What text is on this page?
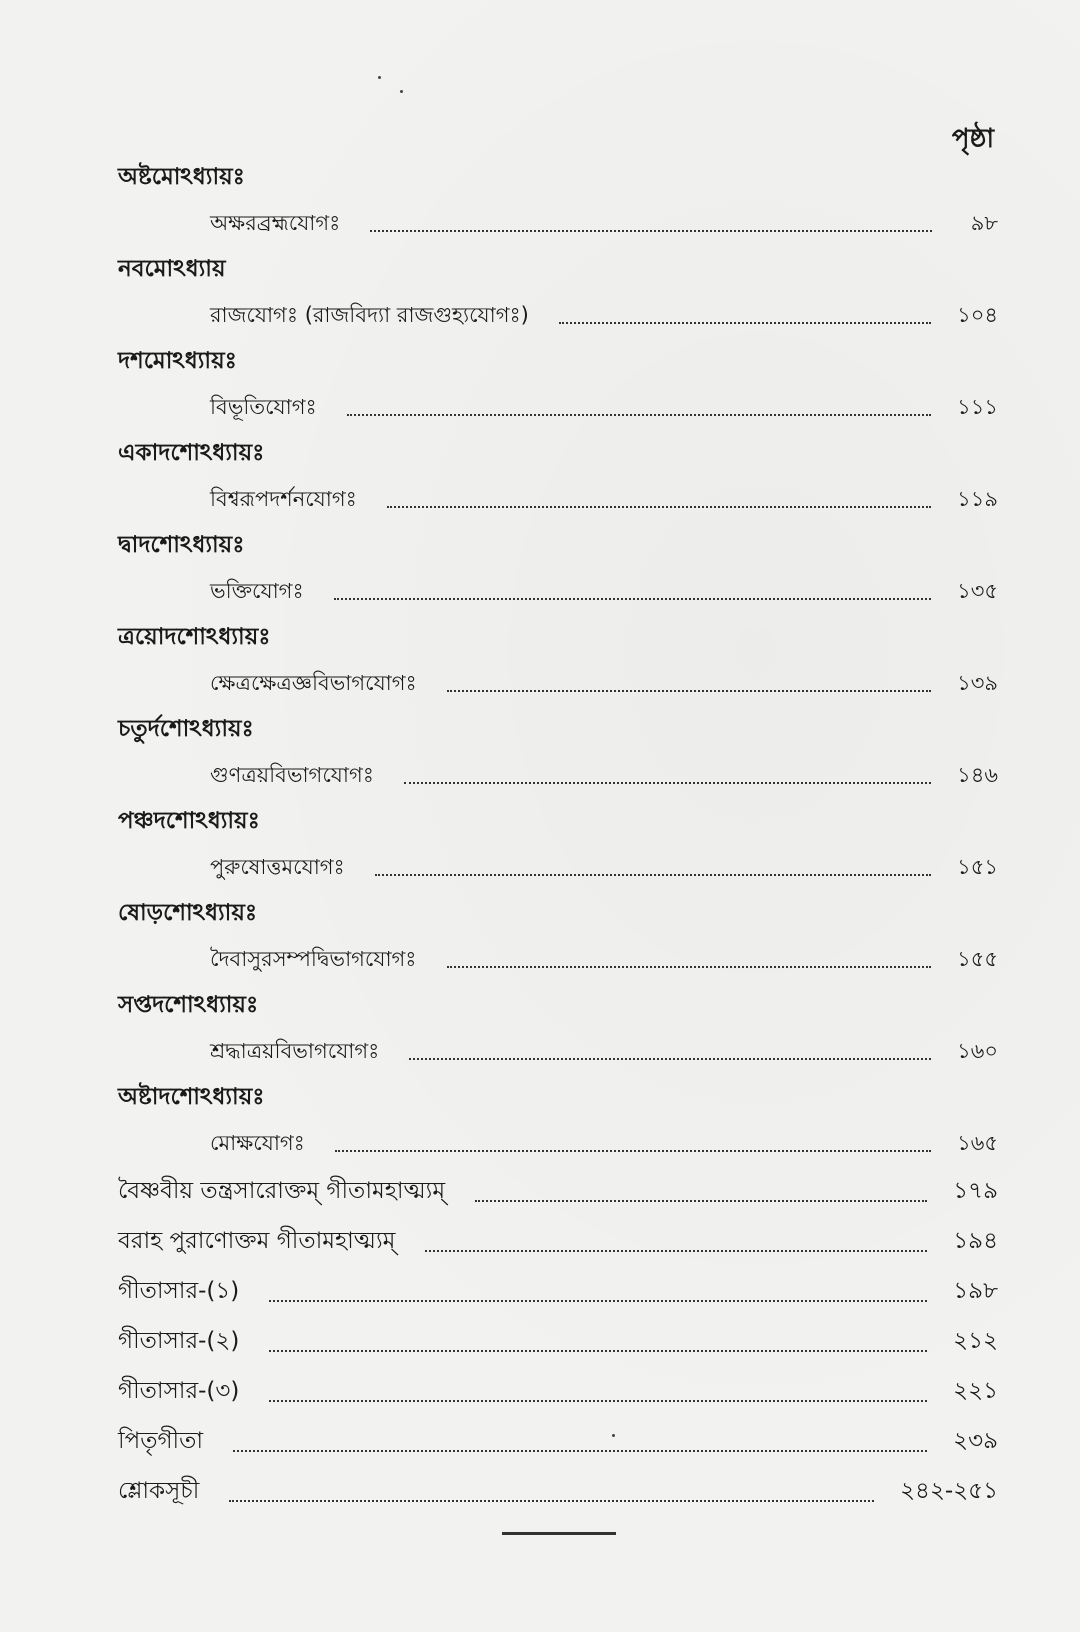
পৃষ্ঠা
অষ্টমোঽধ্যায়ঃ
অক্ষরব্রহ্মযোগঃ	৯৮
নবমোঽধ্যায়
রাজযোগঃ (রাজবিদ্যা রাজগুহ্যযোগঃ)	১০৪
দশমোঽধ্যায়ঃ
বিভূতিযোগঃ	১১১
একাদশোঽধ্যায়ঃ
বিশ্বরূপদর্শনযোগঃ	১১৯
দ্বাদশোঽধ্যায়ঃ
ভক্তিযোগঃ	১৩৫
ত্রয়োদশোঽধ্যায়ঃ
ক্ষেত্রক্ষেত্রজ্ঞবিভাগযোগঃ	১৩৯
চতুর্দশোঽধ্যায়ঃ
গুণত্রয়বিভাগযোগঃ	১৪৬
পঞ্চদশোঽধ্যায়ঃ
পুরুষোত্তমযোগঃ	১৫১
ষোড়শোঽধ্যায়ঃ
দৈবাসুরসম্পদ্বিভাগযোগঃ	১৫৫
সপ্তদশোঽধ্যায়ঃ
শ্রদ্ধাত্রয়বিভাগযোগঃ	১৬০
অষ্টাদশোঽধ্যায়ঃ
মোক্ষযোগঃ	১৬৫
বৈষ্ণবীয় তন্ত্রসারোক্তম্ গীতামহাত্ম্যম্	১৭৯
বরাহ পুরাণোক্তম গীতামহাত্ম্যম্	১৯৪
গীতাসার-(১)	১৯৮
গীতাসার-(২)	২১২
গীতাসার-(৩)	২২১
পিতৃগীতা	২৩৯
শ্লোকসূচী	২৪২-২৫১
